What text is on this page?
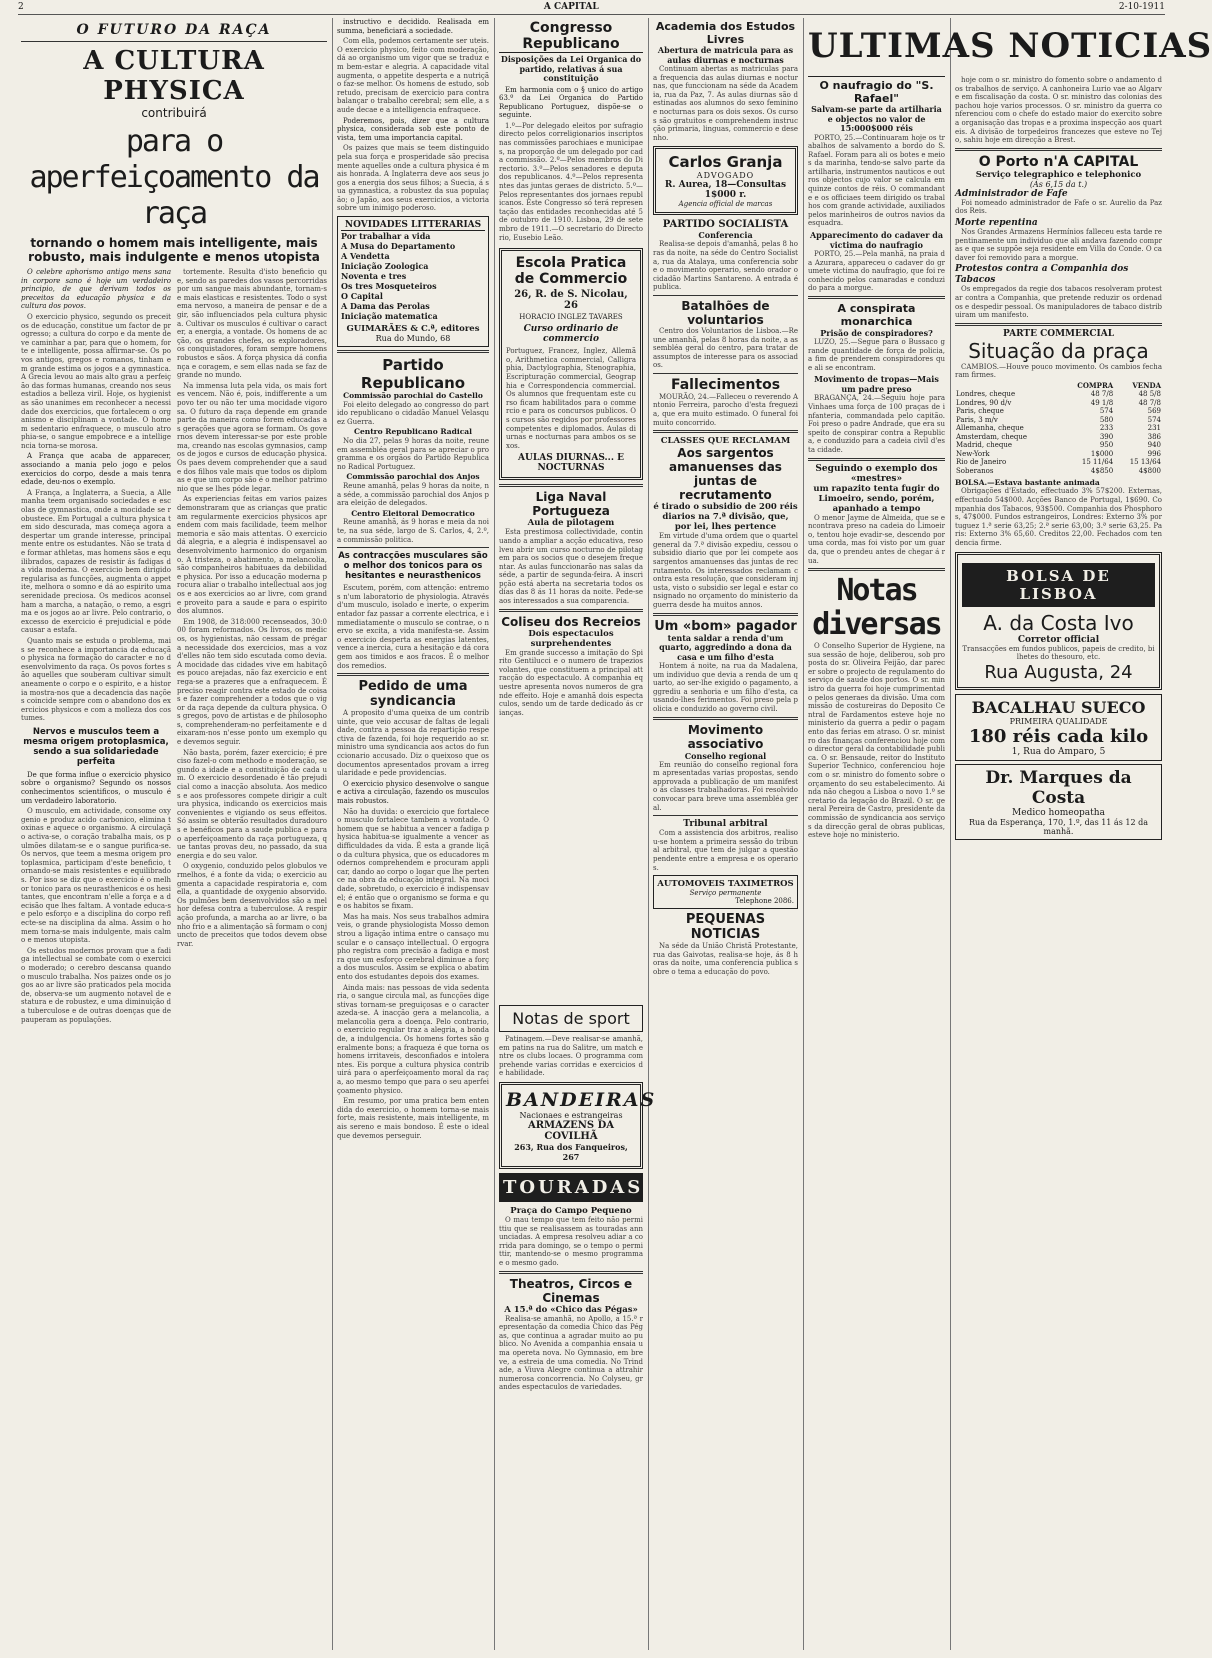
2	A CAPITAL	2-10-1911
O FUTURO DA RAÇA
A CULTURA PHYSICA
contribuirá
para o aperfeiçoamento da raça
tornando o homem mais intelligente, mais robusto, mais indulgente e menos utopista

O celebre aphorismo antigo mens sana in corpore sano é hoje um verdadeiro principio, de que derivam todos os preceitos da educação physica e da cultura dos povos.

O exercicio physico, segundo os preceitos de educação, constitue um factor de progresso; a cultura do corpo e da mente deve caminhar a par, para que o homem, forte e intelligente, possa affirmar-se. Os povos antigos, gregos e romanos, tinham em grande estima os jogos e a gymnastica. A Grecia levou ao mais alto grau a perfeição das formas humanas, creando nos seus estadios a belleza viril. Hoje, os hygienistas são unanimes em reconhecer a necessidade dos exercicios, que fortalecem o organismo e disciplinam a vontade. O homem sedentario enfraquece, o musculo atrophia-se, o sangue empobrece e a intelligencia torna-se morosa.

A França que acaba de apparecer, associando a mania pelo jogo e pelos exercicios do corpo, desde a mais tenra edade, deu-nos o exemplo.

A França, a Inglaterra, a Suecia, a Allemanha teem organisado sociedades e escolas de gymnastica, onde a mocidade se robustece. Em Portugal a cultura physica tem sido descurada, mas começa agora a despertar um grande interesse, principalmente entre os estudantes. Não se trata de formar athletas, mas homens sãos e equilibrados, capazes de resistir ás fadigas da vida moderna. O exercicio bem dirigido regularisa as funcções, augmenta o appetite, melhora o somno e dá ao espirito uma serenidade preciosa. Os medicos aconselham a marcha, a natação, o remo, a esgrima e os jogos ao ar livre. Pelo contrario, o excesso de exercicio é prejudicial e póde causar a estafa.

Quanto mais se estuda o problema, mais se reconhece a importancia da educação physica na formação do caracter e no desenvolvimento da raça. Os povos fortes são aquelles que souberam cultivar simultaneamente o corpo e o espirito, e a historia mostra-nos que a decadencia das nações coincide sempre com o abandono dos exercicios physicos e com a molleza dos costumes.

Nervos e musculos teem a mesma origem protoplasmica, sendo a sua solidariedade perfeita

De que forma influe o exercicio physico sobre o organismo? Segundo os nossos conhecimentos scientificos, o musculo é um verdadeiro laboratorio.

O musculo, em actividade, consome oxygenio e produz acido carbonico, elimina toxinas e aquece o organismo. A circulação activa-se, o coração trabalha mais, os pulmões dilatam-se e o sangue purifica-se. Os nervos, que teem a mesma origem protoplasmica, participam d'este beneficio, tornando-se mais resistentes e equilibrados. Por isso se diz que o exercicio é o melhor tonico para os neurasthenicos e os hesitantes, que encontram n'elle a força e a decisão que lhes faltam. A vontade educa-se pelo esforço e a disciplina do corpo reflecte-se na disciplina da alma. Assim o homem torna-se mais indulgente, mais calmo e menos utopista.

Os estudos modernos provam que a fadiga intellectual se combate com o exercicio moderado; o cerebro descansa quando o musculo trabalha. Nos paizes onde os jogos ao ar livre são praticados pela mocidade, observa-se um augmento notavel de estatura e de robustez, e uma diminuição da tuberculose e de outras doenças que depauperam as populações.

tortemente. Resulta d'isto beneficio que, sendo as paredes dos vasos percorridas por um sangue mais abundante, tornam-se mais elasticas e resistentes. Todo o systema nervoso, a maneira de pensar e de agir, são influenciados pela cultura physica. Cultivar os musculos é cultivar o caracter, a energia, a vontade. Os homens de acção, os grandes chefes, os exploradores, os conquistadores, foram sempre homens robustos e sãos. A força physica dá confiança e coragem, e sem ellas nada se faz de grande no mundo.

Na immensa luta pela vida, os mais fortes vencem. Não é, pois, indifferente a um povo ter ou não ter uma mocidade vigorosa. O futuro da raça depende em grande parte da maneira como forem educadas as gerações que agora se formam. Os governos devem interessar-se por este problema, creando nas escolas gymnasios, campos de jogos e cursos de educação physica. Os paes devem comprehender que a saude dos filhos vale mais que todos os diplomas e que um corpo são é o melhor patrimonio que se lhes póde legar.

As experiencias feitas em varios paizes demonstraram que as crianças que praticam regularmente exercicios physicos aprendem com mais facilidade, teem melhor memoria e são mais attentas. O exercicio dá alegria, e a alegria é indispensavel ao desenvolvimento harmonico do organismo. A tristeza, o abatimento, a melancolia, são companheiros habituaes da debilidade physica. Por isso a educação moderna procura aliar o trabalho intellectual aos jogos e aos exercicios ao ar livre, com grande proveito para a saude e para o espirito dos alumnos.

Em 1908, de 318:000 recenseados, 30:000 foram reformados. Os livros, os medicos, os hygienistas, não cessam de prégar a necessidade dos exercicios, mas a voz d'elles não tem sido escutada como devia. A mocidade das cidades vive em habitações pouco arejadas, não faz exercicio e entrega-se a prazeres que a enfraquecem. É preciso reagir contra este estado de coisas e fazer comprehender a todos que o vigor da raça depende da cultura physica. Os gregos, povo de artistas e de philosophos, comprehenderam-no perfeitamente e deixaram-nos n'esse ponto um exemplo que devemos seguir.

Não basta, porém, fazer exercicio; é preciso fazel-o com methodo e moderação, segundo a idade e a constituição de cada um. O exercicio desordenado é tão prejudicial como a inacção absoluta. Aos medicos e aos professores compete dirigir a cultura physica, indicando os exercicios mais convenientes e vigiando os seus effeitos. Só assim se obterão resultados duradouros e benéficos para a saude publica e para o aperfeiçoamento da raça portugueza, que tantas provas deu, no passado, da sua energia e do seu valor.

O oxygenio, conduzido pelos globulos vermelhos, é a fonte da vida; o exercicio augmenta a capacidade respiratoria e, com ella, a quantidade de oxygenio absorvido. Os pulmões bem desenvolvidos são a melhor defesa contra a tuberculose. A respiração profunda, a marcha ao ar livre, o banho frio e a alimentação sã formam o conjuncto de preceitos que todos devem observar.

instructivo e decidido. Realisada em summa, beneficiará a sociedade.

Com ella, podemos certamente ser uteis. O exercicio physico, feito com moderação, dá ao organismo um vigor que se traduz em bem-estar e alegria. A capacidade vital augmenta, o appetite desperta e a nutrição faz-se melhor. Os homens de estudo, sobretudo, precisam de exercicio para contrabalançar o trabalho cerebral; sem elle, a saude decae e a intelligencia enfraquece.

Poderemos, pois, dizer que a cultura physica, considerada sob este ponto de vista, tem uma importancia capital.

Os paizes que mais se teem distinguido pela sua força e prosperidade são precisamente aquelles onde a cultura physica é mais honrada. A Inglaterra deve aos seus jogos a energia dos seus filhos; a Suecia, á sua gymnastica, a robustez da sua população; o Japão, aos seus exercicios, a victoria sobre um inimigo poderoso.

NOVIDADES LITTERARIAS
Por trabalhar a vida
A Musa do Departamento
A Vendetta
Iniciação Zoologica
Noventa e tres
Os tres Mosqueteiros
O Capital
A Dama das Perolas
Iniciação matematica
GUIMARÃES & C.ª, editores
Rua do Mundo, 68
Partido Republicano
Commissão parochial do Castello

Foi eleito delegado ao congresso do partido republicano o cidadão Manuel Velasquez Guerra.

Centro Republicano Radical

No dia 27, pelas 9 horas da noite, reune em assembléa geral para se apreciar o programma e os orgãos do Partido Republicano Radical Portuguez.

Commissão parochial dos Anjos

Reune amanhã, pelas 9 horas da noite, na séde, a commissão parochial dos Anjos para eleição de delegados.

Centro Eleitoral Democratico

Reune amanhã, ás 9 horas e meia da noite, na sua séde, largo de S. Carlos, 4, 2.º, a commissão politica.

As contracções musculares são o melhor dos tonicos para os hesitantes e neurasthenicos

Escutem, porém, com attenção: entremos n'um laboratorio de physiologia. Através d'um musculo, isolado e inerte, o experimentador faz passar a corrente electrica, e immediatamente o musculo se contrae, o nervo se excita, a vida manifesta-se. Assim o exercicio desperta as energias latentes, vence a inercia, cura a hesitação e dá coragem aos timidos e aos fracos. É o melhor dos remedios.

Pedido de uma syndicancia

A proposito d'uma queixa de um contribuinte, que veio accusar de faltas de legalidade, contra a pessoa da repartição respectiva de fazenda, foi hoje requerido ao sr. ministro uma syndicancia aos actos do funccionario accusado. Diz o queixoso que os documentos apresentados provam a irregularidade e pede providencias.

O exercicio physico desenvolve o sangue e activa a circulação, fazendo os musculos mais robustos.

Não ha duvida: o exercicio que fortalece o musculo fortalece tambem a vontade. O homem que se habitua a vencer a fadiga physica habitua-se igualmente a vencer as difficuldades da vida. É esta a grande lição da cultura physica, que os educadores modernos comprehendem e procuram applicar, dando ao corpo o logar que lhe pertence na obra da educação integral. Na mocidade, sobretudo, o exercicio é indispensavel; é então que o organismo se forma e que os habitos se fixam.

Mas ha mais. Nos seus trabalhos admiraveis, o grande physiologista Mosso demonstrou a ligação intima entre o cansaço muscular e o cansaço intellectual. O ergographo registra com precisão a fadiga e mostra que um esforço cerebral diminue a força dos musculos. Assim se explica o abatimento dos estudantes depois dos exames.

Ainda mais: nas pessoas de vida sedentaria, o sangue circula mal, as funcções digestivas tornam-se preguiçosas e o caracter azeda-se. A inacção gera a melancolia, a melancolia gera a doença. Pelo contrario, o exercicio regular traz a alegria, a bondade, a indulgencia. Os homens fortes são geralmente bons; a fraqueza é que torna os homens irritaveis, desconfiados e intolerantes. Eis porque a cultura physica contribuirá para o aperfeiçoamento moral da raça, ao mesmo tempo que para o seu aperfeiçoamento physico.

Em resumo, por uma pratica bem entendida do exercicio, o homem torna-se mais forte, mais resistente, mais intelligente, mais sereno e mais bondoso. É este o ideal que devemos perseguir.

Congresso Republicano
Disposições da Lei Organica do partido, relativas á sua constituição

Em harmonia com o § unico do artigo 63.º da Lei Organica do Partido Republicano Portuguez, dispõe-se o seguinte.

1.º—Por delegado eleitos por sufragio directo pelos correligionarios inscriptos nas commissões parochiaes e municipaes, na proporção de um delegado por cada commissão. 2.º—Pelos membros do Directorio. 3.º—Pelos senadores e deputados republicanos. 4.º—Pelos representantes das juntas geraes de districto. 5.º—Pelos representantes dos jornaes republicanos. Este Congresso só terá representação das entidades reconhecidas até 5 de outubro de 1910. Lisboa, 29 de setembro de 1911.—O secretario do Directorio, Eusebio Leão.

Escola Pratica de Commercio
26, R. de S. Nicolau, 26
HORACIO INGLEZ TAVARES
Curso ordinario de commercio
Portuguez, Francez, Inglez, Allemão, Arithmetica commercial, Calligraphia, Dactylographia, Stenographia, Escripturação commercial, Geographia e Correspondencia commercial. Os alumnos que frequentam este curso ficam habilitados para o commercio e para os concursos publicos. Os cursos são regidos por professores competentes e diplomados. Aulas diurnas e nocturnas para ambos os sexos.
AULAS DIURNAS... E NOCTURNAS
Liga Naval Portugueza
Aula de pilotagem

Esta prestimosa collectividade, continuando a ampliar a acção educativa, resolveu abrir um curso nocturno de pilotagem para os socios que o desejem frequentar. As aulas funccionarão nas salas da séde, a partir de segunda-feira. A inscripção está aberta na secretaria todos os dias das 8 ás 11 horas da noite. Pede-se aos interessados a sua comparencia.

Coliseu dos Recreios
Dois espectaculos surprehendentes

Em grande successo a imitação do Spirito Gentilucci e o numero de trapezios volantes, que constituem a principal attracção do espectaculo. A companhia equestre apresenta novos numeros de grande effeito. Hoje e amanhã dois espectaculos, sendo um de tarde dedicado ás crianças.

Academia dos Estudos Livres
Abertura de matricula para as aulas diurnas e nocturnas

Continuam abertas as matriculas para a frequencia das aulas diurnas e nocturnas, que funccionam na séde da Academia, rua da Paz, 7. As aulas diurnas são destinadas aos alumnos do sexo feminino e nocturnas para os dois sexos. Os cursos são gratuitos e comprehendem instrucção primaria, linguas, commercio e desenho.

Carlos Granja
ADVOGADO
R. Aurea, 18—Consultas 1$000 r.
Agencia official de marcas
PARTIDO SOCIALISTA
Conferencia

Realisa-se depois d'amanhã, pelas 8 horas da noite, na séde do Centro Socialista, rua da Atalaya, uma conferencia sobre o movimento operario, sendo orador o cidadão Martins Santareno. A entrada é publica.

Batalhões de voluntarios

Centro dos Voluntarios de Lisboa.—Reune amanhã, pelas 8 horas da noite, a assembléa geral do centro, para tratar de assumptos de interesse para os associados.

Fallecimentos

MOURÃO, 24.—Falleceu o reverendo Antonio Ferreira, parocho d'esta freguezia, que era muito estimado. O funeral foi muito concorrido.

CLASSES QUE RECLAMAM
Aos sargentos amanuenses das juntas de recrutamento
é tirado o subsidio de 200 réis diarios na 7.ª divisão, que, por lei, lhes pertence

Em virtude d'uma ordem que o quartel general da 7.ª divisão expediu, cessou o subsidio diario que por lei compete aos sargentos amanuenses das juntas de recrutamento. Os interessados reclamam contra esta resolução, que consideram injusta, visto o subsidio ser legal e estar consignado no orçamento do ministerio da guerra desde ha muitos annos.

Um «bom» pagador
tenta saldar a renda d'um quarto, aggredindo a dona da casa e um filho d'esta

Hontem á noite, na rua da Madalena, um individuo que devia a renda de um quarto, ao ser-lhe exigido o pagamento, aggrediu a senhoria e um filho d'esta, causando-lhes ferimentos. Foi preso pela policia e conduzido ao governo civil.

Movimento associativo
Conselho regional

Em reunião do conselho regional foram apresentadas varias propostas, sendo approvada a publicação de um manifesto ás classes trabalhadoras. Foi resolvido convocar para breve uma assembléa geral.

Tribunal arbitral

Com a assistencia dos arbitros, realisou-se hontem a primeira sessão do tribunal arbitral, que tem de julgar a questão pendente entre a empresa e os operarios.

AUTOMOVEIS TAXIMETROS
Serviço permanente
Telephone 2086.
PEQUENAS NOTICIAS

Na séde da União Christã Protestante, rua das Gaivotas, realisa-se hoje, ás 8 horas da noite, uma conferencia publica sobre o tema a educação do povo.

ULTIMAS NOTICIAS
O naufragio do "S. Rafael"
Salvam-se parte da artilharia e objectos no valor de 15:000$000 réis

PORTO, 25.—Continuaram hoje os trabalhos de salvamento a bordo do S. Rafael. Foram para ali os botes e meios da marinha, tendo-se salvo parte da artilharia, instrumentos nauticos e outros objectos cujo valor se calcula em quinze contos de réis. O commandante e os officiaes teem dirigido os trabalhos com grande actividade, auxiliados pelos marinheiros de outros navios da esquadra.

Apparecimento do cadaver da victima do naufragio

PORTO, 25.—Pela manhã, na praia da Azurara, appareceu o cadaver do grumete victima do naufragio, que foi reconhecido pelos camaradas e conduzido para a morgue.

A conspirata monarchica
Prisão de conspiradores?

LUZO, 25.—Segue para o Bussaco grande quantidade de força de policia, a fim de prenderem conspiradores que ali se encontram.

Movimento de tropas—Mais um padre preso

BRAGANÇA, 24.—Seguiu hoje para Vinhaes uma força de 100 praças de infanteria, commandada pelo capitão. Foi preso o padre Andrade, que era suspeito de conspirar contra a Republica, e conduzido para a cadeia civil d'esta cidade.

Seguindo o exemplo dos «mestres»
um rapazito tenta fugir do Limoeiro, sendo, porém, apanhado a tempo

O menor Jayme de Almeida, que se encontrava preso na cadeia do Limoeiro, tentou hoje evadir-se, descendo por uma corda, mas foi visto por um guarda, que o prendeu antes de chegar á rua.

Notas diversas

O Conselho Superior de Hygiene, na sua sessão de hoje, deliberou, sob proposta do sr. Oliveira Feijão, dar parecer sobre o projecto de regulamento do serviço de saude dos portos. O sr. ministro da guerra foi hoje cumprimentado pelos generaes da divisão. Uma commissão de costureiras do Deposito Central de Fardamentos esteve hoje no ministerio da guerra a pedir o pagamento das ferias em atraso. O sr. ministro das finanças conferenciou hoje com o director geral da contabilidade publica. O sr. Bensaude, reitor do Instituto Superior Technico, conferenciou hoje com o sr. ministro do fomento sobre o orçamento do seu estabelecimento. Ainda não chegou a Lisboa o novo 1.º secretario da legação do Brazil. O sr. general Pereira de Castro, presidente da commissão de syndicancia aos serviços da direcção geral de obras publicas, esteve hoje no ministerio.

hoje com o sr. ministro do fomento sobre o andamento dos trabalhos de serviço. A canhoneira Lurio vae ao Algarve em fiscalisação da costa. O sr. ministro das colonias despachou hoje varios processos. O sr. ministro da guerra conferenciou com o chefe do estado maior do exercito sobre a organisação das tropas e a proxima inspecção aos quarteis. A divisão de torpedeiros francezes que esteve no Tejo, sahiu hoje em direcção a Brest.

O Porto n'A CAPITAL
Serviço telegraphico e telephonico
(Ás 6,15 da t.)
Administrador de Fafe

Foi nomeado administrador de Fafe o sr. Aurelio da Paz dos Reis.

Morte repentina

Nos Grandes Armazens Hermínios falleceu esta tarde repentinamente um individuo que ali andava fazendo compras e que se suppõe seja residente em Villa do Conde. O cadaver foi removido para a morgue.

Protestos contra a Companhia dos Tabacos

Os empregados da regie dos tabacos resolveram protestar contra a Companhia, que pretende reduzir os ordenados e despedir pessoal. Os manipuladores de tabaco distribuiram um manifesto.

PARTE COMMERCIAL
Situação da praça

CAMBIOS.—Houve pouco movimento. Os cambios fecharam firmes.

	COMPRA	VENDA
Londres, cheque	48 7/8	48 5/8
Londres, 90 d/v	49 1/8	48 7/8
Paris, cheque	574	569
Paris, 3 m/v	580	574
Allemanha, cheque	233	231
Amsterdam, cheque	390	386
Madrid, cheque	950	940
New-York	1$000	996
Rio de Janeiro	15 11/64	15 13/64
Soberanos	4$850	4$800
BOLSA.—Estava bastante animada

Obrigações d'Estado, effectuado 3% 57$200. Externas, effectuado 54$000. Acções Banco de Portugal, 1$690. Companhia dos Tabacos, 93$500. Companhia dos Phosphoros, 47$000. Fundos estrangeiros, Londres: Externo 3% portuguez 1.ª serie 63,25; 2.ª serie 63,00; 3.ª serie 63,25. Paris: Externo 3% 65,60. Creditos 22,00. Fechados com tendencia firme.

BOLSA DE LISBOA
A. da Costa Ivo
Corretor official
Transacções em fundos publicos, papeis de credito, bilhetes do thesouro, etc.
Rua Augusta, 24
BACALHAU SUECO
PRIMEIRA QUALIDADE
180 réis cada kilo
1, Rua do Amparo, 5
Dr. Marques da Costa
Medico homeopatha
Rua da Esperança, 170, 1.º, das 11 ás 12 da manhã.
Notas de sport

Patinagem.—Deve realisar-se amanhã, em patins na rua do Salitre, um match entre os clubs locaes. O programma comprehende varias corridas e exercicios de habilidade.

BANDEIRAS
Nacionaes e estrangeiras
ARMAZENS DA COVILHÃ
263, Rua dos Fanqueiros, 267
TOURADAS
Praça do Campo Pequeno

O mau tempo que tem feito não permittiu que se realisassem as touradas annunciadas. A empresa resolveu adiar a corrida para domingo, se o tempo o permittir, mantendo-se o mesmo programma e o mesmo gado.

Theatros, Circos e Cinemas
A 15.ª do «Chico das Pégas»

Realisa-se amanhã, no Apollo, a 15.ª representação da comedia Chico das Pégas, que continua a agradar muito ao publico. No Avenida a companhia ensaia uma opereta nova. No Gymnasio, em breve, a estreia de uma comedia. No Trindade, a Viuva Alegre continua a attrahir numerosa concorrencia. No Colyseu, grandes espectaculos de variedades.
